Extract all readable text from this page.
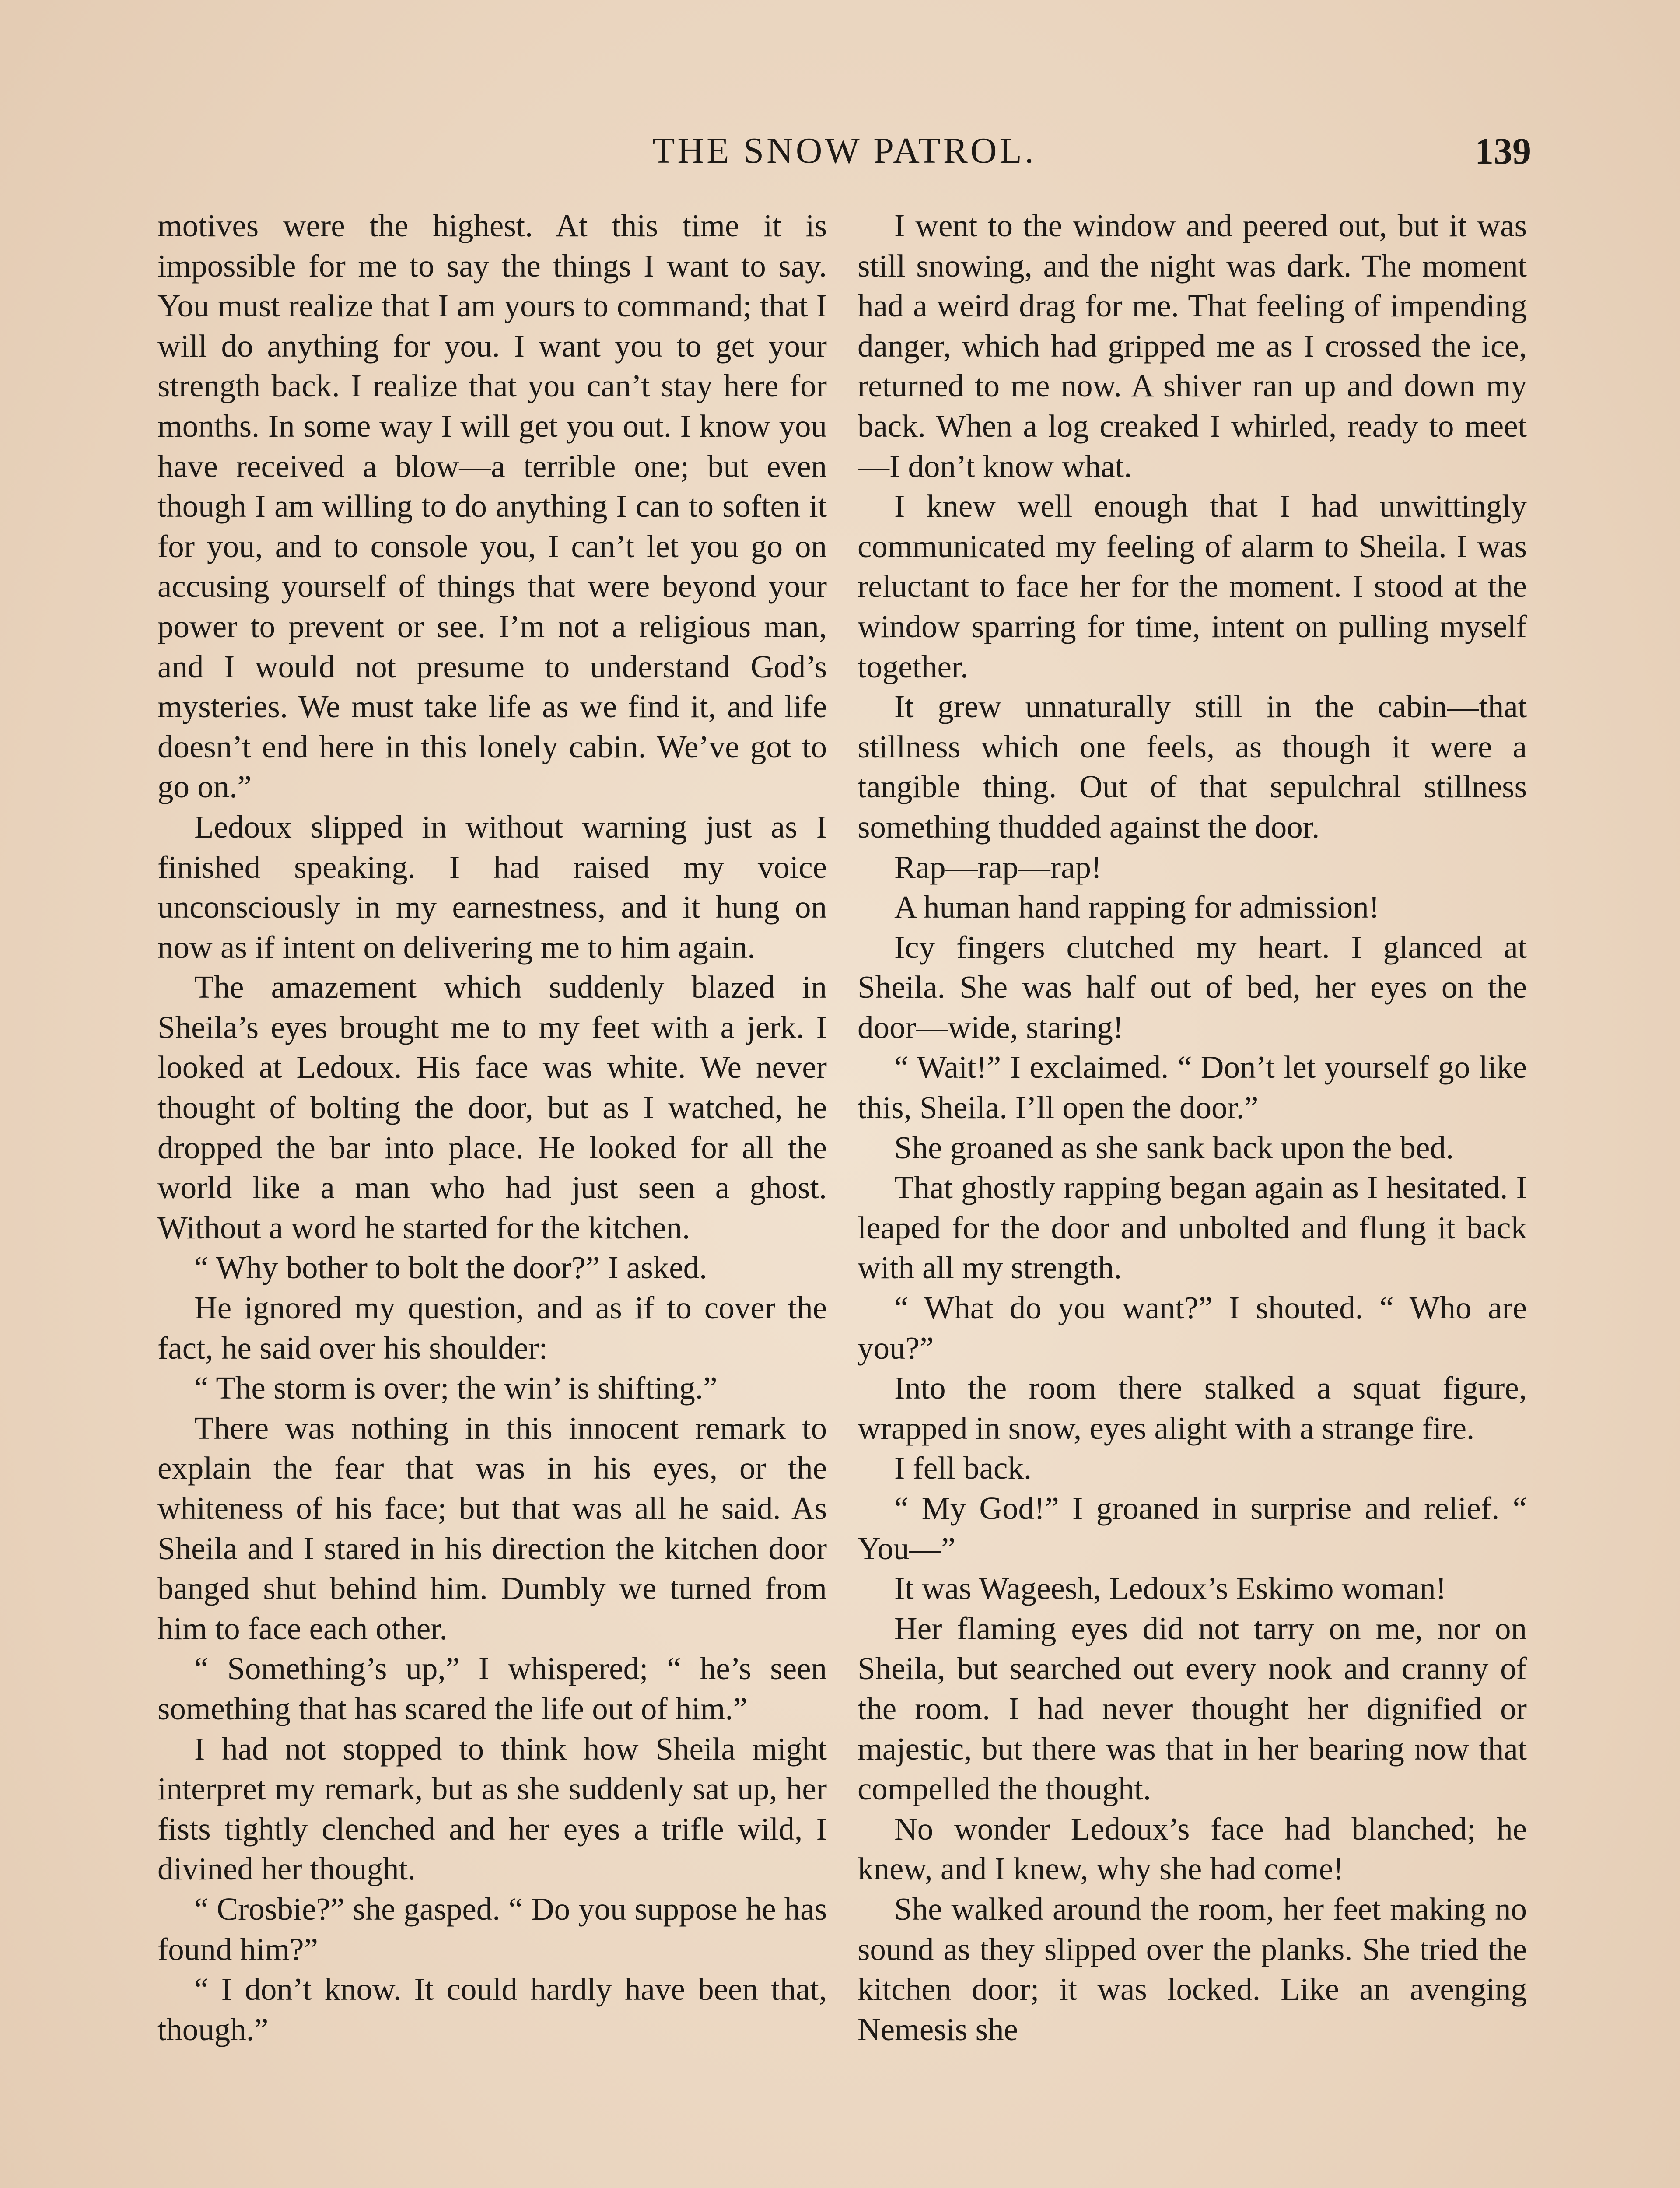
THE SNOW PATROL.	139

motives were the highest. At this time it is impossible for me to say the things I want to say. You must realize that I am yours to command; that I will do anything for you. I want you to get your strength back. I realize that you can’t stay here for months. In some way I will get you out. I know you have received a blow—a terrible one; but even though I am willing to do anything I can to soften it for you, and to console you, I can’t let you go on accusing yourself of things that were beyond your power to prevent or see. I’m not a religious man, and I would not presume to understand God’s mysteries. We must take life as we find it, and life doesn’t end here in this lonely cabin. We’ve got to go on.”

Ledoux slipped in without warning just as I finished speaking. I had raised my voice unconsciously in my earnestness, and it hung on now as if intent on delivering me to him again.

The amazement which suddenly blazed in Sheila’s eyes brought me to my feet with a jerk. I looked at Ledoux. His face was white. We never thought of bolting the door, but as I watched, he dropped the bar into place. He looked for all the world like a man who had just seen a ghost. Without a word he started for the kitchen.

“ Why bother to bolt the door?” I asked.

He ignored my question, and as if to cover the fact, he said over his shoulder:

“ The storm is over; the win’ is shifting.”

There was nothing in this innocent remark to explain the fear that was in his eyes, or the whiteness of his face; but that was all he said. As Sheila and I stared in his direction the kitchen door banged shut behind him. Dumbly we turned from him to face each other.

“ Something’s up,” I whispered; “ he’s seen something that has scared the life out of him.”

I had not stopped to think how Sheila might interpret my remark, but as she suddenly sat up, her fists tightly clenched and her eyes a trifle wild, I divined her thought.

“ Crosbie?” she gasped. “ Do you suppose he has found him?”

“ I don’t know. It could hardly have been that, though.”

I went to the window and peered out, but it was still snowing, and the night was dark. The moment had a weird drag for me. That feeling of impending danger, which had gripped me as I crossed the ice, returned to me now. A shiver ran up and down my back. When a log creaked I whirled, ready to meet—I don’t know what.

I knew well enough that I had unwittingly communicated my feeling of alarm to Sheila. I was reluctant to face her for the moment. I stood at the window sparring for time, intent on pulling myself together.

It grew unnaturally still in the cabin—that stillness which one feels, as though it were a tangible thing. Out of that sepulchral stillness something thudded against the door.

Rap—rap—rap!

A human hand rapping for admission!

Icy fingers clutched my heart. I glanced at Sheila. She was half out of bed, her eyes on the door—wide, staring!

“ Wait!” I exclaimed. “ Don’t let yourself go like this, Sheila. I’ll open the door.”

She groaned as she sank back upon the bed.

That ghostly rapping began again as I hesitated. I leaped for the door and unbolted and flung it back with all my strength.

“ What do you want?” I shouted. “ Who are you?”

Into the room there stalked a squat figure, wrapped in snow, eyes alight with a strange fire.

I fell back.

“ My God!” I groaned in surprise and relief. “ You—”

It was Wageesh, Ledoux’s Eskimo woman!

Her flaming eyes did not tarry on me, nor on Sheila, but searched out every nook and cranny of the room. I had never thought her dignified or majestic, but there was that in her bearing now that compelled the thought.

No wonder Ledoux’s face had blanched; he knew, and I knew, why she had come!

She walked around the room, her feet making no sound as they slipped over the planks. She tried the kitchen door; it was locked. Like an avenging Nemesis she
